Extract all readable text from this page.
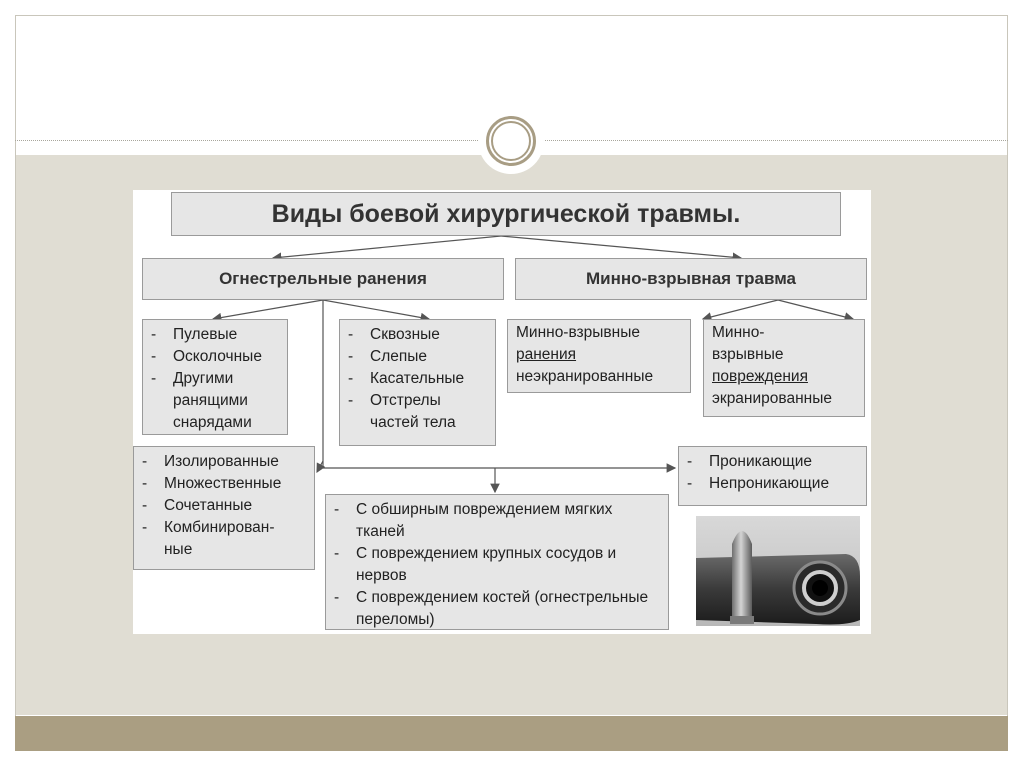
Виды боевой хирургической травмы.
Огнестрельные ранения	Минно-взрывная травма
- Пулевые
- Осколочные
- Другими ранящими снарядами
- Сквозные
- Слепые
- Касательные
- Отстрелы частей тела
Минно-взрывные
ранения
неэкранированные
Минно-
взрывные
повреждения
экранированные
- Изолированные
- Множественные
- Сочетанные
- Комбинирован-ные
- Проникающие
- Непроникающие
- С обширным повреждением мягких тканей
- С повреждением крупных сосудов и нервов
- С повреждением костей (огнестрельные переломы)
